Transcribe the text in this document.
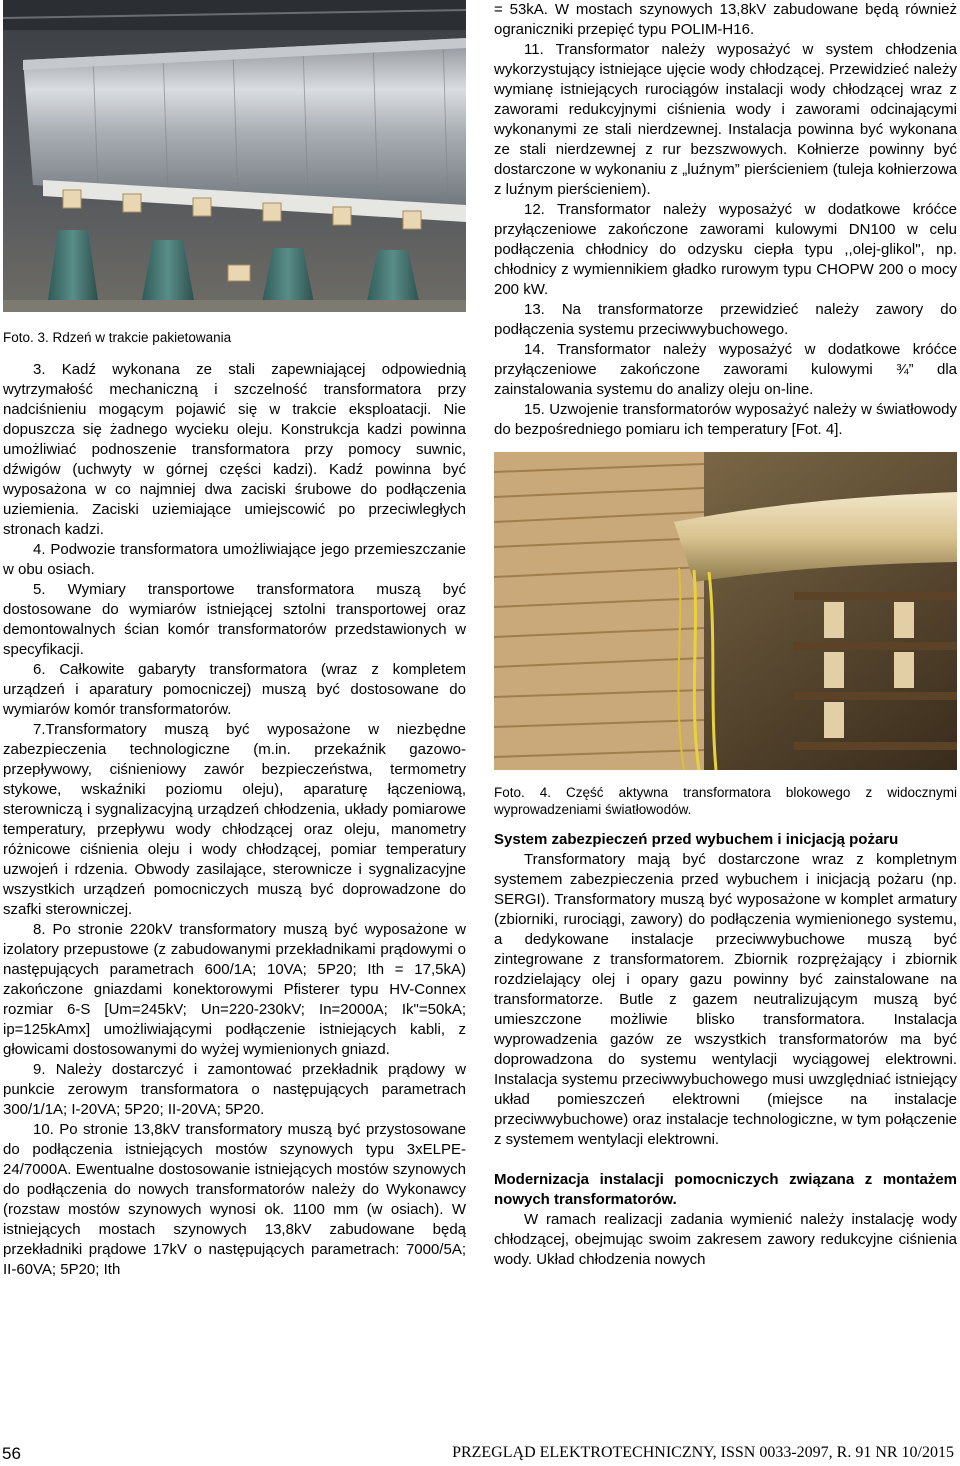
Foto. 3. Rdzeń w trakcie pakietowania

3. Kadź wykonana ze stali zapewniającej odpowiednią wytrzymałość mechaniczną i szczelność transformatora przy nadciśnieniu mogącym pojawić się w trakcie eksploatacji. Nie dopuszcza się żadnego wycieku oleju. Konstrukcja kadzi powinna umożliwiać podnoszenie transformatora przy pomocy suwnic, dźwigów (uchwyty w górnej części kadzi). Kadź powinna być wyposażona w co najmniej dwa zaciski śrubowe do podłączenia uziemienia. Zaciski uziemiające umiejscowić po przeciwległych stronach kadzi.

4. Podwozie transformatora umożliwiające jego przemieszczanie w obu osiach.

5. Wymiary transportowe transformatora muszą być dostosowane do wymiarów istniejącej sztolni transportowej oraz demontowalnych ścian komór transformatorów przedstawionych w specyfikacji.

6. Całkowite gabaryty transformatora (wraz z kompletem urządzeń i aparatury pomocniczej) muszą być dostosowane do wymiarów komór transformatorów.

7.Transformatory muszą być wyposażone w niezbędne zabezpieczenia technologiczne (m.in. przekaźnik gazowo-przepływowy, ciśnieniowy zawór bezpieczeństwa, termometry stykowe, wskaźniki poziomu oleju), aparaturę łączeniową, sterowniczą i sygnalizacyjną urządzeń chłodzenia, układy pomiarowe temperatury, przepływu wody chłodzącej oraz oleju, manometry różnicowe ciśnienia oleju i wody chłodzącej, pomiar temperatury uzwojeń i rdzenia. Obwody zasilające, sterownicze i sygnalizacyjne wszystkich urządzeń pomocniczych muszą być doprowadzone do szafki sterowniczej.

8. Po stronie 220kV transformatory muszą być wyposażone w izolatory przepustowe (z zabudowanymi przekładnikami prądowymi o następujących parametrach 600/1A; 10VA; 5P20; Ith = 17,5kA) zakończone gniazdami konektorowymi Pfisterer typu HV-Connex rozmiar 6-S [Um=245kV; Un=220-230kV; In=2000A; Ik"=50kA; ip=125kAmx] umożliwiającymi podłączenie istniejących kabli, z głowicami dostosowanymi do wyżej wymienionych gniazd.

9. Należy dostarczyć i zamontować przekładnik prądowy w punkcie zerowym transformatora o następujących parametrach 300/1/1A; I-20VA; 5P20; II-20VA; 5P20.

10. Po stronie 13,8kV transformatory muszą być przystosowane do podłączenia istniejących mostów szynowych typu 3xELPE-24/7000A. Ewentualne dostosowanie istniejących mostów szynowych do podłączenia do nowych transformatorów należy do Wykonawcy (rozstaw mostów szynowych wynosi ok. 1100 mm (w osiach). W istniejących mostach szynowych 13,8kV zabudowane będą przekładniki prądowe 17kV o następujących parametrach: 7000/5A; II-60VA; 5P20; Ith

= 53kA. W mostach szynowych 13,8kV zabudowane będą również ograniczniki przepięć typu POLIM-H16.

11. Transformator należy wyposażyć w system chłodzenia wykorzystujący istniejące ujęcie wody chłodzącej. Przewidzieć należy wymianę istniejących rurociągów instalacji wody chłodzącej wraz z zaworami redukcyjnymi ciśnienia wody i zaworami odcinającymi wykonanymi ze stali nierdzewnej. Instalacja powinna być wykonana ze stali nierdzewnej z rur bezszwowych. Kołnierze powinny być dostarczone w wykonaniu z „luźnym” pierścieniem (tuleja kołnierzowa z luźnym pierścieniem).

12. Transformator należy wyposażyć w dodatkowe króćce przyłączeniowe zakończone zaworami kulowymi DN100 w celu podłączenia chłodnicy do odzysku ciepła typu ,,olej-glikol", np. chłodnicy z wymiennikiem gładko rurowym typu CHOPW 200 o mocy 200 kW.

13. Na transformatorze przewidzieć należy zawory do podłączenia systemu przeciwwybuchowego.

14. Transformator należy wyposażyć w dodatkowe króćce przyłączeniowe zakończone zaworami kulowymi ¾” dla zainstalowania systemu do analizy oleju on-line.

15. Uzwojenie transformatorów wyposażyć należy w światłowody do bezpośredniego pomiaru ich temperatury [Fot. 4].

Foto. 4. Część aktywna transformatora blokowego z widocznymi wyprowadzeniami światłowodów.

System zabezpieczeń przed wybuchem i inicjacją pożaru

Transformatory mają być dostarczone wraz z kompletnym systemem zabezpieczenia przed wybuchem i inicjacją pożaru (np. SERGI). Transformatory muszą być wyposażone w komplet armatury (zbiorniki, rurociągi, zawory) do podłączenia wymienionego systemu, a dedykowane instalacje przeciwwybuchowe muszą być zintegrowane z transformatorem. Zbiornik rozprężający i zbiornik rozdzielający olej i opary gazu powinny być zainstalowane na transformatorze. Butle z gazem neutralizującym muszą być umieszczone możliwie blisko transformatora. Instalacja wyprowadzenia gazów ze wszystkich transformatorów ma być doprowadzona do systemu wentylacji wyciągowej elektrowni. Instalacja systemu przeciwwybuchowego musi uwzględniać istniejący układ pomieszczeń elektrowni (miejsce na instalacje przeciwwybuchowe) oraz instalacje technologiczne, w tym połączenie z systemem wentylacji elektrowni.

Modernizacja instalacji pomocniczych związana z montażem nowych transformatorów.

W ramach realizacji zadania wymienić należy instalację wody chłodzącej, obejmując swoim zakresem zawory redukcyjne ciśnienia wody. Układ chłodzenia nowych

56	PRZEGLĄD ELEKTROTECHNICZNY, ISSN 0033-2097, R. 91 NR 10/2015
